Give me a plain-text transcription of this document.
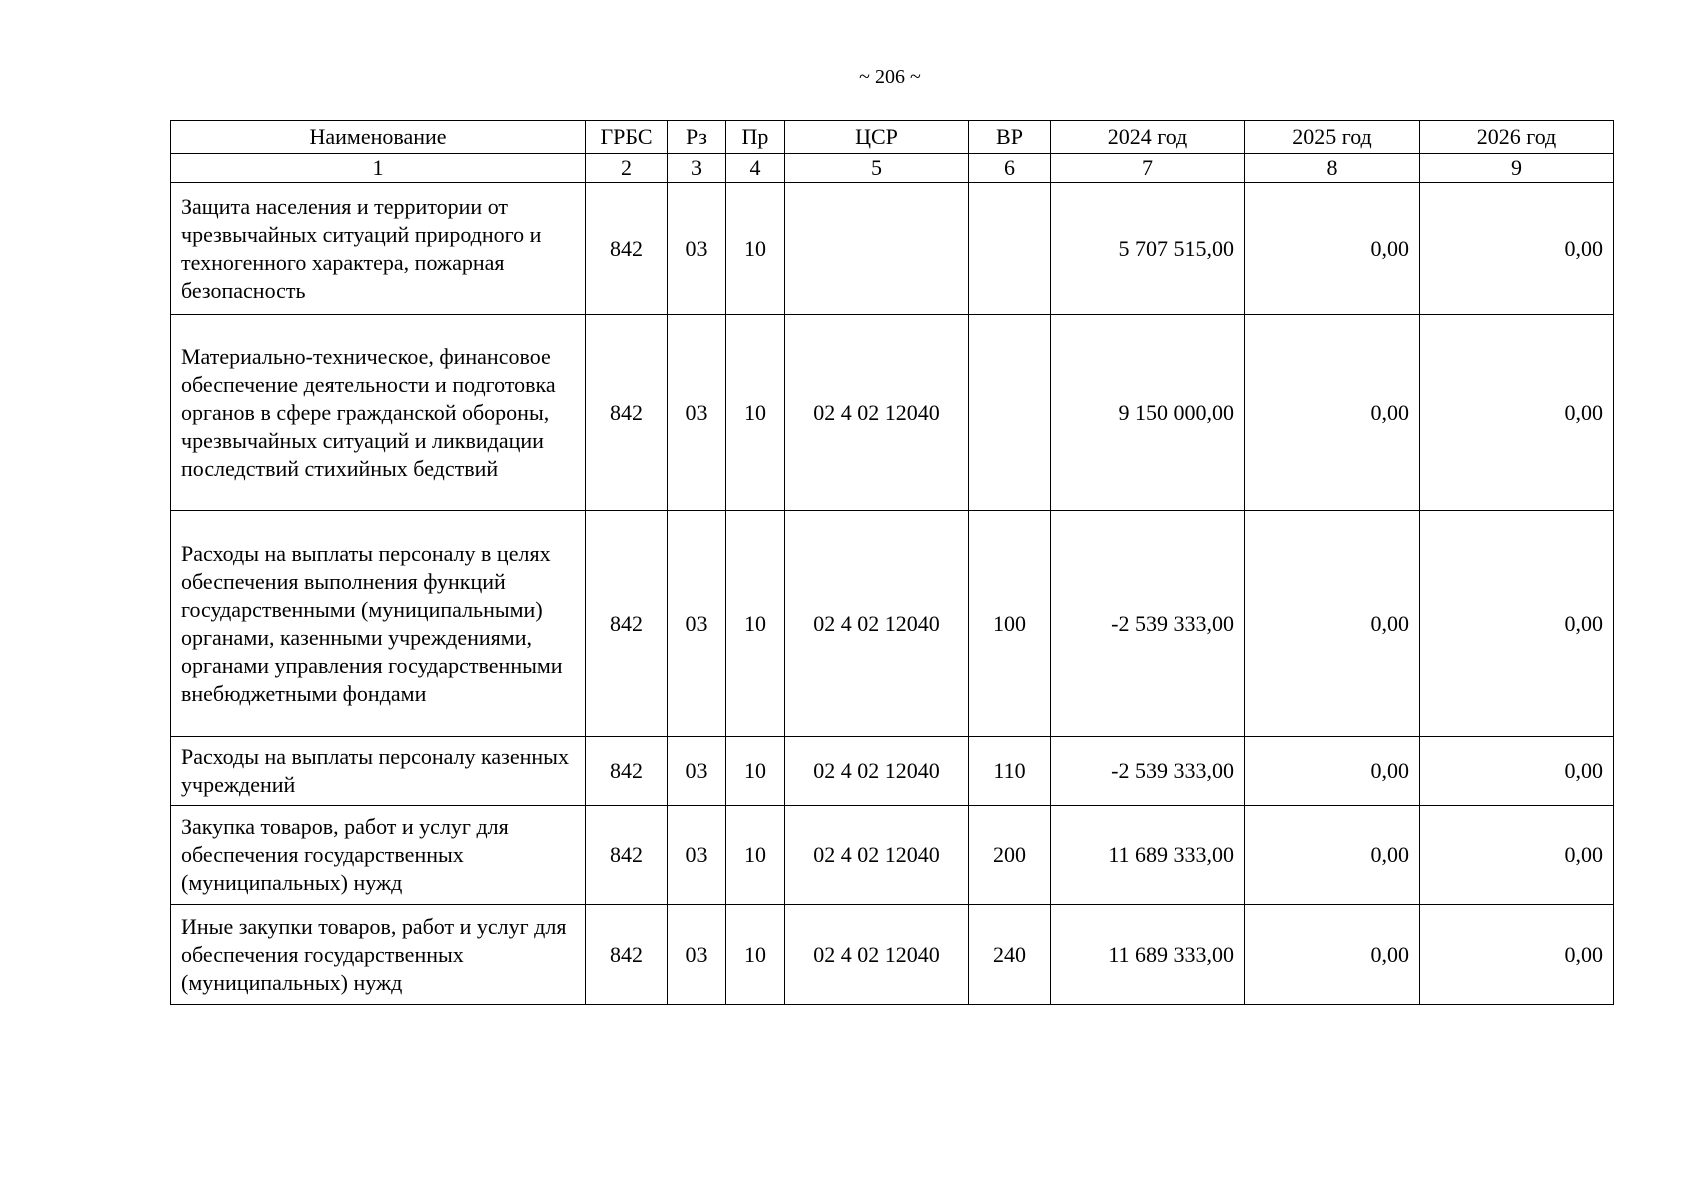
~ 206 ~
Наименование	ГРБС	Рз	Пр	ЦСР	ВР	2024 год	2025 год	2026 год
1	2	3	4	5	6	7	8	9
Защита населения и территории от чрезвычайных ситуаций природного и техногенного характера, пожарная безопасность	842	03	10			5 707 515,00	0,00	0,00
Материально-техническое, финансовое обеспечение деятельности и подготовка органов в сфере гражданской обороны, чрезвычайных ситуаций и ликвидации последствий стихийных бедствий	842	03	10	02 4 02 12040		9 150 000,00	0,00	0,00
Расходы на выплаты персоналу в целях обеспечения выполнения функций государственными (муниципальными) органами, казенными учреждениями, органами управления государственными внебюджетными фондами	842	03	10	02 4 02 12040	100	-2 539 333,00	0,00	0,00
Расходы на выплаты персоналу казенных учреждений	842	03	10	02 4 02 12040	110	-2 539 333,00	0,00	0,00
Закупка товаров, работ и услуг для обеспечения государственных (муниципальных) нужд	842	03	10	02 4 02 12040	200	11 689 333,00	0,00	0,00
Иные закупки товаров, работ и услуг для обеспечения государственных (муниципальных) нужд	842	03	10	02 4 02 12040	240	11 689 333,00	0,00	0,00
